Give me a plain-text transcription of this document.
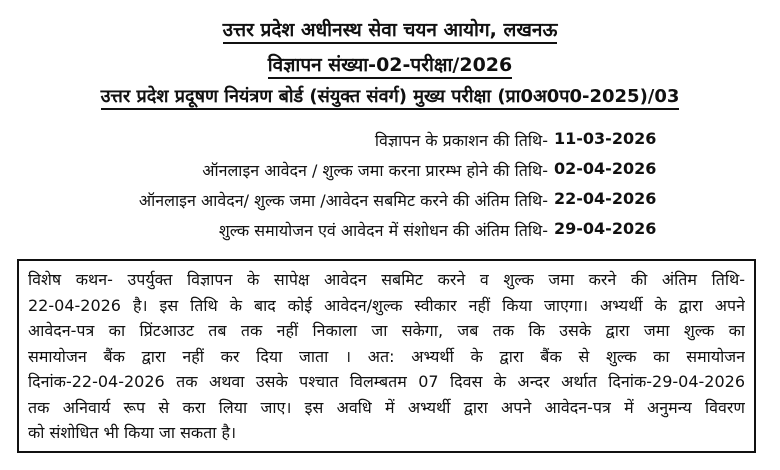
उत्तर प्रदेश अधीनस्थ सेवा चयन आयोग, लखनऊ
विज्ञापन संख्या-02-परीक्षा/2026
उत्तर प्रदेश प्रदूषण नियंत्रण बोर्ड (संयुक्त संवर्ग) मुख्य परीक्षा (प्रा0अ0प0-2025)/03
विज्ञापन के प्रकाशन की तिथि- 11-03-2026
ऑनलाइन आवेदन / शुल्क जमा करना प्रारम्भ होने की तिथि- 02-04-2026
ऑनलाइन आवेदन/ शुल्क जमा /आवेदन सबमिट करने की अंतिम तिथि- 22-04-2026
शुल्क समायोजन एवं आवेदन में संशोधन की अंतिम तिथि- 29-04-2026
विशेष कथन- उपर्युक्त विज्ञापन के सापेक्ष आवेदन सबमिट करने व शुल्क जमा करने की अंतिम तिथि-
22-04-2026 है। इस तिथि के बाद कोई आवेदन/शुल्क स्वीकार नहीं किया जाएगा। अभ्यर्थी के द्वारा अपने
आवेदन-पत्र का प्रिंटआउट तब तक नहीं निकाला जा सकेगा, जब तक कि उसके द्वारा जमा शुल्क का
समायोजन बैंक द्वारा नहीं कर दिया जाता । अत: अभ्यर्थी के द्वारा बैंक से शुल्क का समायोजन
दिनांक-22-04-2026 तक अथवा उसके पश्चात विलम्बतम 07 दिवस के अन्दर अर्थात दिनांक-29-04-2026
तक अनिवार्य रूप से करा लिया जाए। इस अवधि में अभ्यर्थी द्वारा अपने आवेदन-पत्र में अनुमन्य विवरण
को संशोधित भी किया जा सकता है।
